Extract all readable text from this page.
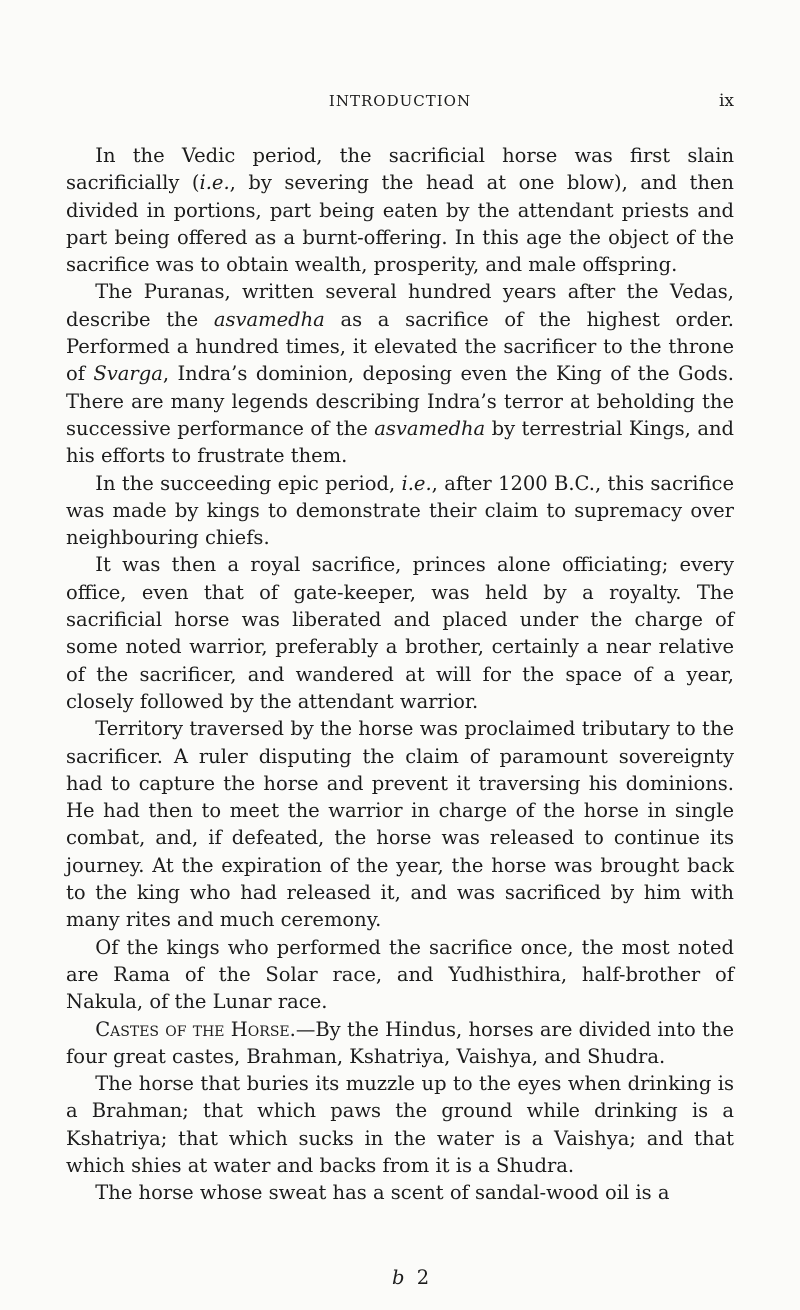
INTRODUCTION	ix

In the Vedic period, the sacrificial horse was first slain sacrificially (i.e., by severing the head at one blow), and then divided in portions, part being eaten by the attendant priests and part being offered as a burnt-offering. In this age the object of the sacrifice was to obtain wealth, prosperity, and male offspring.

The Puranas, written several hundred years after the Vedas, describe the asvamedha as a sacrifice of the highest order. Performed a hundred times, it elevated the sacrificer to the throne of Svarga, Indra’s dominion, deposing even the King of the Gods. There are many legends describing Indra’s terror at beholding the successive performance of the asvamedha by terrestrial Kings, and his efforts to frustrate them.

In the succeeding epic period, i.e., after 1200 B.C., this sacrifice was made by kings to demonstrate their claim to supremacy over neighbouring chiefs.

It was then a royal sacrifice, princes alone officiating; every office, even that of gate-keeper, was held by a royalty. The sacrificial horse was liberated and placed under the charge of some noted warrior, preferably a brother, certainly a near relative of the sacrificer, and wandered at will for the space of a year, closely followed by the attendant warrior.

Territory traversed by the horse was proclaimed tributary to the sacrificer. A ruler disputing the claim of paramount sovereignty had to capture the horse and prevent it traversing his dominions. He had then to meet the warrior in charge of the horse in single combat, and, if defeated, the horse was released to continue its journey. At the expiration of the year, the horse was brought back to the king who had released it, and was sacrificed by him with many rites and much ceremony.

Of the kings who performed the sacrifice once, the most noted are Rama of the Solar race, and Yudhisthira, half-brother of Nakula, of the Lunar race.

Castes of the Horse.—By the Hindus, horses are divided into the four great castes, Brahman, Kshatriya, Vaishya, and Shudra.

The horse that buries its muzzle up to the eyes when drinking is a Brahman; that which paws the ground while drinking is a Kshatriya; that which sucks in the water is a Vaishya; and that which shies at water and backs from it is a Shudra.

The horse whose sweat has a scent of sandal-wood oil is a

b 2
